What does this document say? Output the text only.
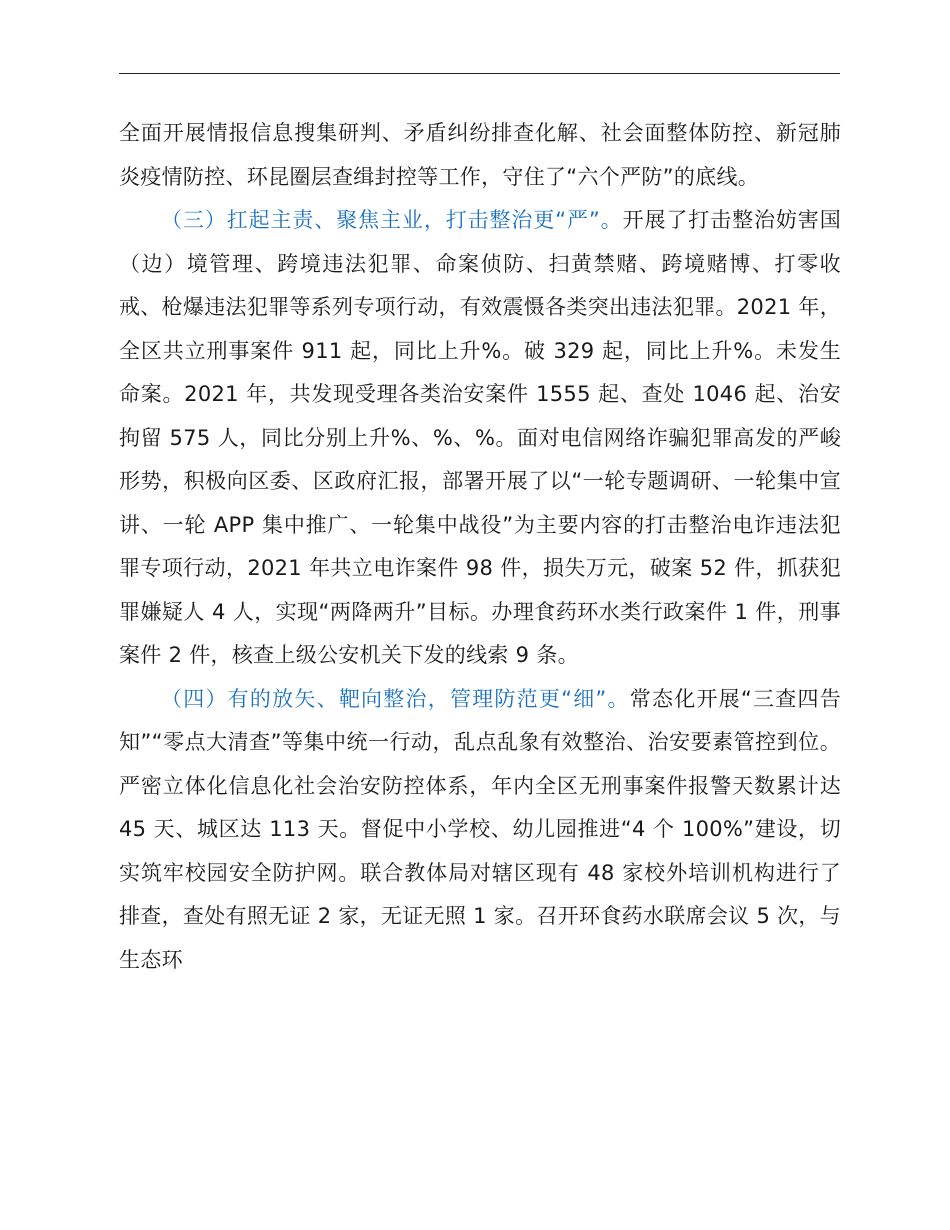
全面开展情报信息搜集研判、矛盾纠纷排查化解、社会面整体防控、新冠肺炎疫情防控、环昆圈层查缉封控等工作，守住了“六个严防”的底线。

（三）扛起主责、聚焦主业，打击整治更“严”。开展了打击整治妨害国（边）境管理、跨境违法犯罪、命案侦防、扫黄禁赌、跨境赌博、打零收戒、枪爆违法犯罪等系列专项行动，有效震慑各类突出违法犯罪。2021 年，全区共立刑事案件 911 起，同比上升%。破 329 起，同比上升%。未发生命案。2021 年，共发现受理各类治安案件 1555 起、查处 1046 起、治安拘留 575 人，同比分别上升%、%、%。面对电信网络诈骗犯罪高发的严峻形势，积极向区委、区政府汇报，部署开展了以“一轮专题调研、一轮集中宣讲、一轮 APP 集中推广、一轮集中战役”为主要内容的打击整治电诈违法犯罪专项行动，2021 年共立电诈案件 98 件，损失万元，破案 52 件，抓获犯罪嫌疑人 4 人，实现“两降两升”目标。办理食药环水类行政案件 1 件，刑事案件 2 件，核查上级公安机关下发的线索 9 条。

（四）有的放矢、靶向整治，管理防范更“细”。常态化开展“三查四告知”“零点大清查”等集中统一行动，乱点乱象有效整治、治安要素管控到位。严密立体化信息化社会治安防控体系，年内全区无刑事案件报警天数累计达 45 天、城区达 113 天。督促中小学校、幼儿园推进“4 个 100%”建设，切实筑牢校园安全防护网。联合教体局对辖区现有 48 家校外培训机构进行了排查，查处有照无证 2 家，无证无照 1 家。召开环食药水联席会议 5 次，与生态环
